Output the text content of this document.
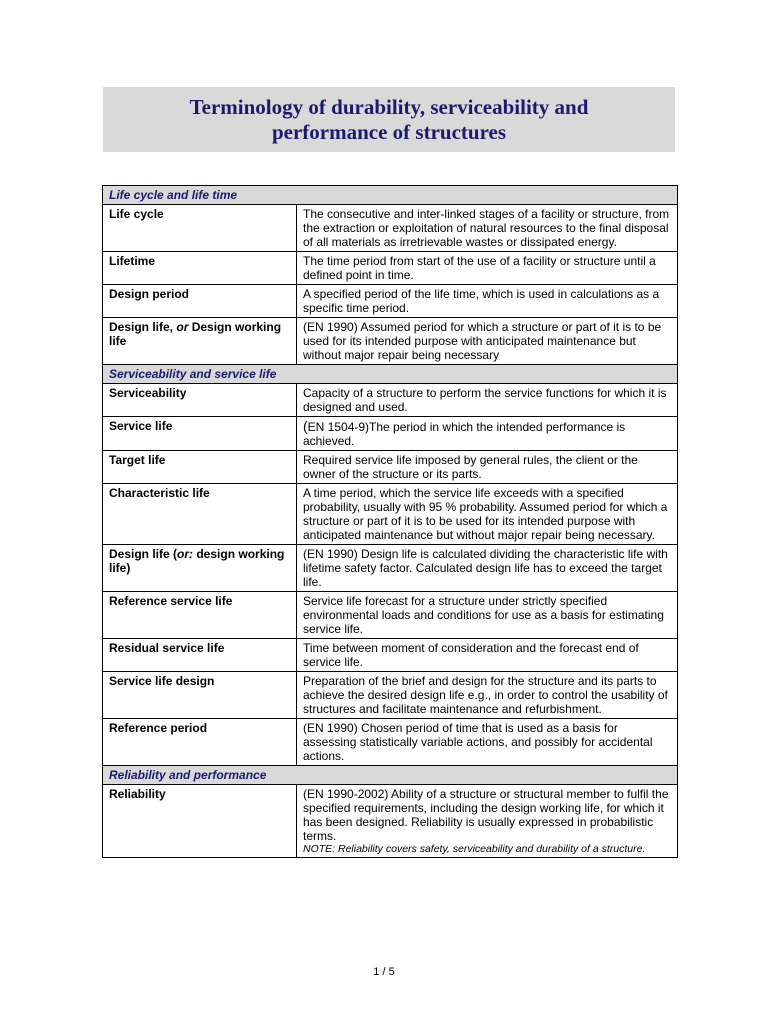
Terminology of durability, serviceability and
performance of structures
Life cycle and life time	
Life cycle	The consecutive and inter-linked stages of a facility or structure, from the extraction or exploitation of natural resources to the final disposal of all materials as irretrievable wastes or dissipated energy.
Lifetime	The time period from start of the use of a facility or structure until a defined point in time.
Design period	A specified period of the life time, which is used in calculations as a specific time period.
Design life, or Design working life	(EN 1990) Assumed period for which a structure or part of it is to be used for its intended purpose with anticipated maintenance but without major repair being necessary
Serviceability and service life	
Serviceability	Capacity of a structure to perform the service functions for which it is designed and used.
Service life	(EN 1504-9)The period in which the intended performance is achieved.
Target life	Required service life imposed by general rules, the client or the owner of the structure or its parts.
Characteristic life	A time period, which the service life exceeds with a specified probability, usually with 95 % probability. Assumed period for which a structure or part of it is to be used for its intended purpose with anticipated maintenance but without major repair being necessary.
Design life (or: design working life)	(EN 1990) Design life is calculated dividing the characteristic life with lifetime safety factor. Calculated design life has to exceed the target life.
Reference service life	Service life forecast for a structure under strictly specified environmental loads and conditions for use as a basis for estimating service life.
Residual service life	Time between moment of consideration and the forecast end of service life.
Service life design	Preparation of the brief and design for the structure and its parts to achieve the desired design life e.g., in order to control the usability of structures and facilitate maintenance and refurbishment.
Reference period	(EN 1990) Chosen period of time that is used as a basis for assessing statistically variable actions, and possibly for accidental actions.
Reliability and performance	
Reliability	(EN 1990-2002) Ability of a structure or structural member to fulfil the specified requirements, including the design working life, for which it has been designed. Reliability is usually expressed in probabilistic terms.
NOTE: Reliability covers safety, serviceability and durability of a structure.
1 / 5
